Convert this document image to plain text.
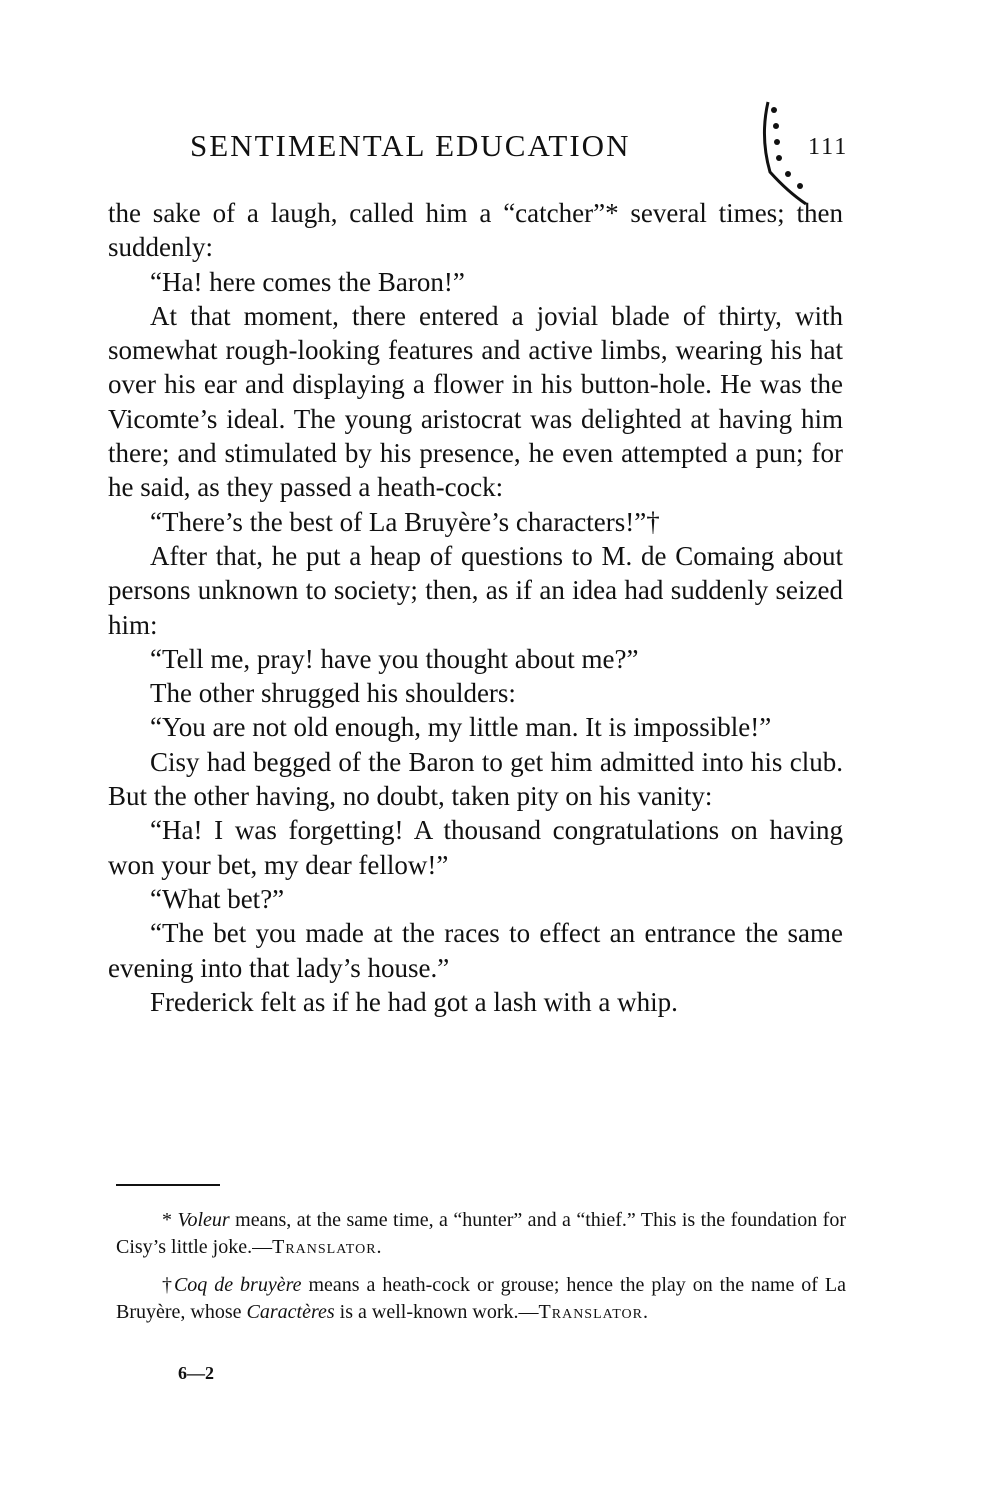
SENTIMENTAL EDUCATION	111

the sake of a laugh, called him a “catcher”* several times; then suddenly:

“Ha! here comes the Baron!”

At that moment, there entered a jovial blade of thirty, with somewhat rough-looking features and active limbs, wearing his hat over his ear and displaying a flower in his button-hole. He was the Vicomte’s ideal. The young aristocrat was delighted at having him there; and stimulated by his presence, he even attempted a pun; for he said, as they passed a heath-cock:

“There’s the best of La Bruyère’s characters!”†

After that, he put a heap of questions to M. de Comaing about persons unknown to society; then, as if an idea had suddenly seized him:

“Tell me, pray! have you thought about me?”

The other shrugged his shoulders:

“You are not old enough, my little man. It is impossible!”

Cisy had begged of the Baron to get him admitted into his club. But the other having, no doubt, taken pity on his vanity:

“Ha! I was forgetting! A thousand congratulations on having won your bet, my dear fellow!”

“What bet?”

“The bet you made at the races to effect an entrance the same evening into that lady’s house.”

Frederick felt as if he had got a lash with a whip.

* Voleur means, at the same time, a “hunter” and a “thief.” This is the foundation for Cisy’s little joke.—Translator.

†Coq de bruyère means a heath-cock or grouse; hence the play on the name of La Bruyère, whose Caractères is a well-known work.—Translator.

6—2
